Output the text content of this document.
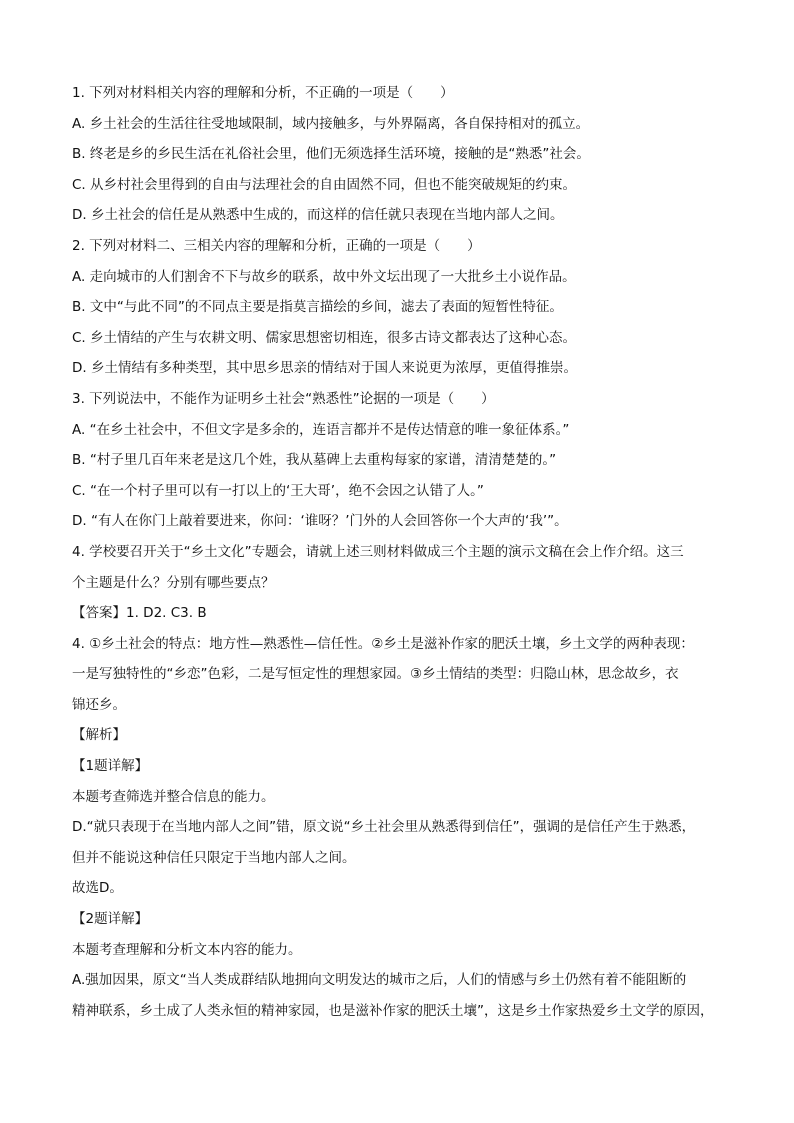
1. 下列对材料相关内容的理解和分析，不正确的一项是（　　）
A. 乡土社会的生活往往受地域限制，域内接触多，与外界隔离，各自保持相对的孤立。
B. 终老是乡的乡民生活在礼俗社会里，他们无须选择生活环境，接触的是“熟悉”社会。
C. 从乡村社会里得到的自由与法理社会的自由固然不同，但也不能突破规矩的约束。
D. 乡土社会的信任是从熟悉中生成的，而这样的信任就只表现在当地内部人之间。
2. 下列对材料二、三相关内容的理解和分析，正确的一项是（　　）
A. 走向城市的人们割舍不下与故乡的联系，故中外文坛出现了一大批乡土小说作品。
B. 文中“与此不同”的不同点主要是指莫言描绘的乡间，滤去了表面的短暂性特征。
C. 乡土情结的产生与农耕文明、儒家思想密切相连，很多古诗文都表达了这种心态。
D. 乡土情结有多种类型，其中思乡思亲的情结对于国人来说更为浓厚，更值得推崇。
3. 下列说法中，不能作为证明乡土社会“熟悉性”论据的一项是（　　）
A. “在乡土社会中，不但文字是多余的，连语言都并不是传达情意的唯一象征体系。”
B. “村子里几百年来老是这几个姓，我从墓碑上去重构每家的家谱，清清楚楚的。”
C. “在一个村子里可以有一打以上的‘王大哥’，绝不会因之认错了人。”
D. “有人在你门上敲着要进来，你问：‘谁呀？’门外的人会回答你一个大声的‘我’”。
4. 学校要召开关于“乡土文化”专题会，请就上述三则材料做成三个主题的演示文稿在会上作介绍。这三
个主题是什么？分别有哪些要点？
【答案】1. D2. C3. B
4. ①乡土社会的特点：地方性—熟悉性—信任性。②乡土是滋补作家的肥沃土壤，乡土文学的两种表现：
一是写独特性的“乡恋”色彩，二是写恒定性的理想家园。③乡土情结的类型：归隐山林，思念故乡，衣
锦还乡。
【解析】
【1题详解】
本题考查筛选并整合信息的能力。
D.“就只表现于在当地内部人之间”错，原文说“乡土社会里从熟悉得到信任”，强调的是信任产生于熟悉，
但并不能说这种信任只限定于当地内部人之间。
故选D。
【2题详解】
本题考查理解和分析文本内容的能力。
A.强加因果，原文“当人类成群结队地拥向文明发达的城市之后，人们的情感与乡土仍然有着不能阻断的
精神联系，乡土成了人类永恒的精神家园，也是滋补作家的肥沃土壤”，这是乡土作家热爱乡土文学的原因，
